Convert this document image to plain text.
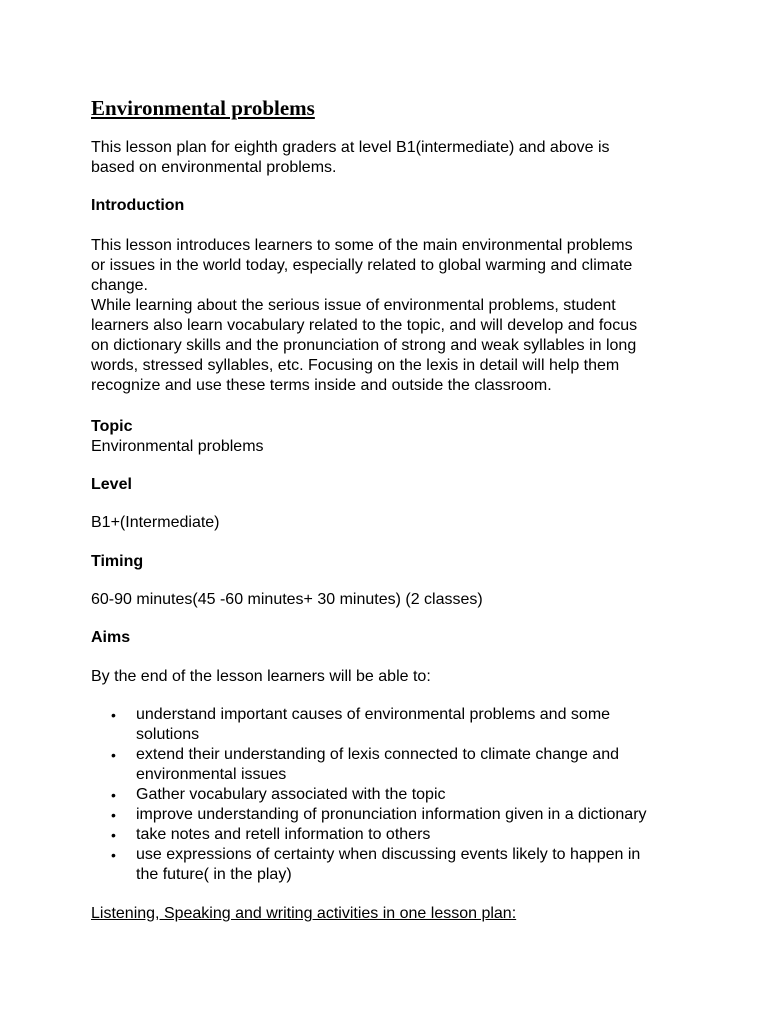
Environmental problems

This lesson plan for eighth graders at level B1(intermediate) and above is
based on environmental problems.

Introduction

This lesson introduces learners to some of the main environmental problems
or issues in the world today, especially related to global warming and climate
change.
While learning about the serious issue of environmental problems, student
learners also learn vocabulary related to the topic, and will develop and focus
on dictionary skills and the pronunciation of strong and weak syllables in long
words, stressed syllables, etc. Focusing on the lexis in detail will help them
recognize and use these terms inside and outside the classroom.

Topic

Environmental problems

Level

B1+(Intermediate)

Timing

60-90 minutes(45 -60 minutes+ 30 minutes) (2 classes)

Aims

By the end of the lesson learners will be able to:

• understand important causes of environmental problems and some
solutions
• extend their understanding of lexis connected to climate change and
environmental issues
• Gather vocabulary associated with the topic
• improve understanding of pronunciation information given in a dictionary
• take notes and retell information to others
• use expressions of certainty when discussing events likely to happen in
the future( in the play)

Listening, Speaking and writing activities in one lesson plan:
